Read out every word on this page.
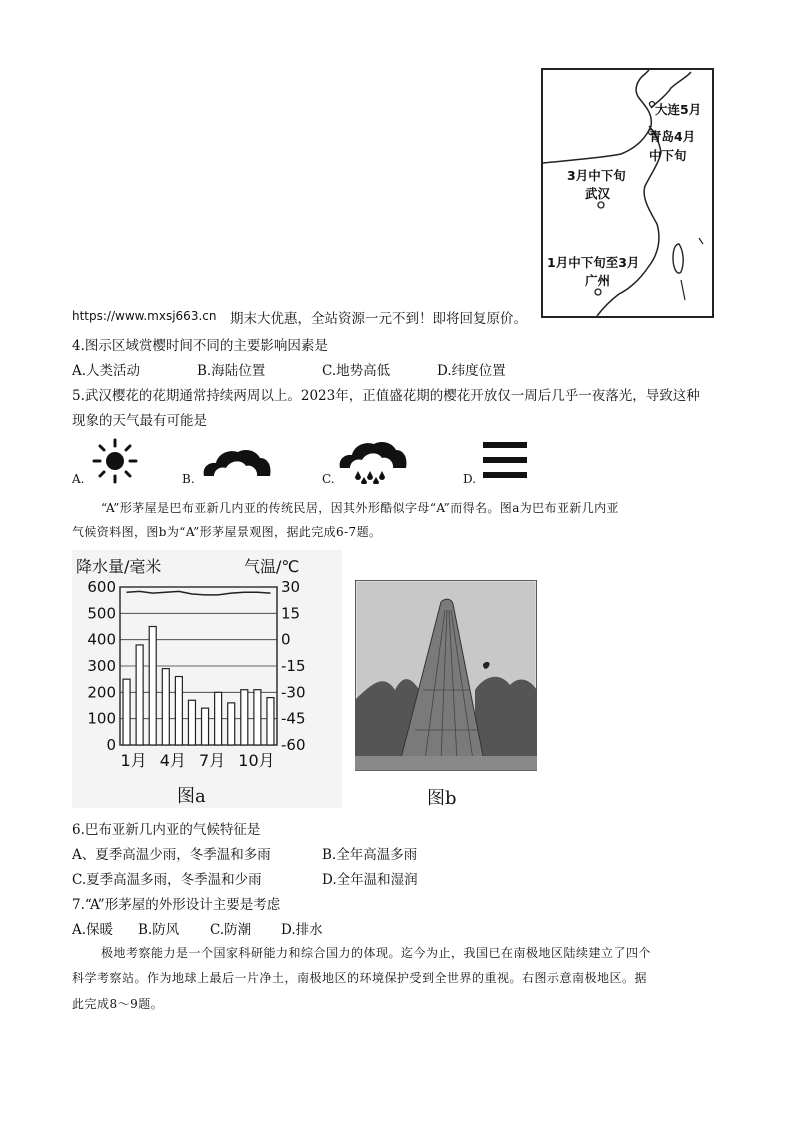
大连5月
青岛4月
中下旬
3月中下旬
武汉
1月中下旬至3月
广州
https://www.mxsj663.cn 期末大优惠，全站资源一元不到！即将回复原价。
4.图示区域赏樱时间不同的主要影响因素是
A.人类活动	B.海陆位置	C.地势高低	D.纬度位置
5.武汉樱花的花期通常持续两周以上。2023年，正值盛花期的樱花开放仅一周后几乎一夜落光，导致这种
现象的天气最有可能是
A.	B.	C.	D.
“A”形茅屋是巴布亚新几内亚的传统民居，因其外形酷似字母“A”而得名。图a为巴布亚新几内亚
气候资料图，图b为“A”形茅屋景观图，据此完成6-7题。
降水量/毫米	气温/℃
600
500
400
300
200
100
0
30
15
0
-15
-30
-45
-60
1月 4月 7月 10月
图a	图b
6.巴布亚新几内亚的气候特征是
A、夏季高温少雨，冬季温和多雨	B.全年高温多雨
C.夏季高温多雨，冬季温和少雨	D.全年温和湿润
7.“A”形茅屋的外形设计主要是考虑
A.保暖 B.防风 C.防潮 D.排水
极地考察能力是一个国家科研能力和综合国力的体现。迄今为止，我国已在南极地区陆续建立了四个
科学考察站。作为地球上最后一片净土，南极地区的环境保护受到全世界的重视。右图示意南极地区。据
此完成8～9题。
